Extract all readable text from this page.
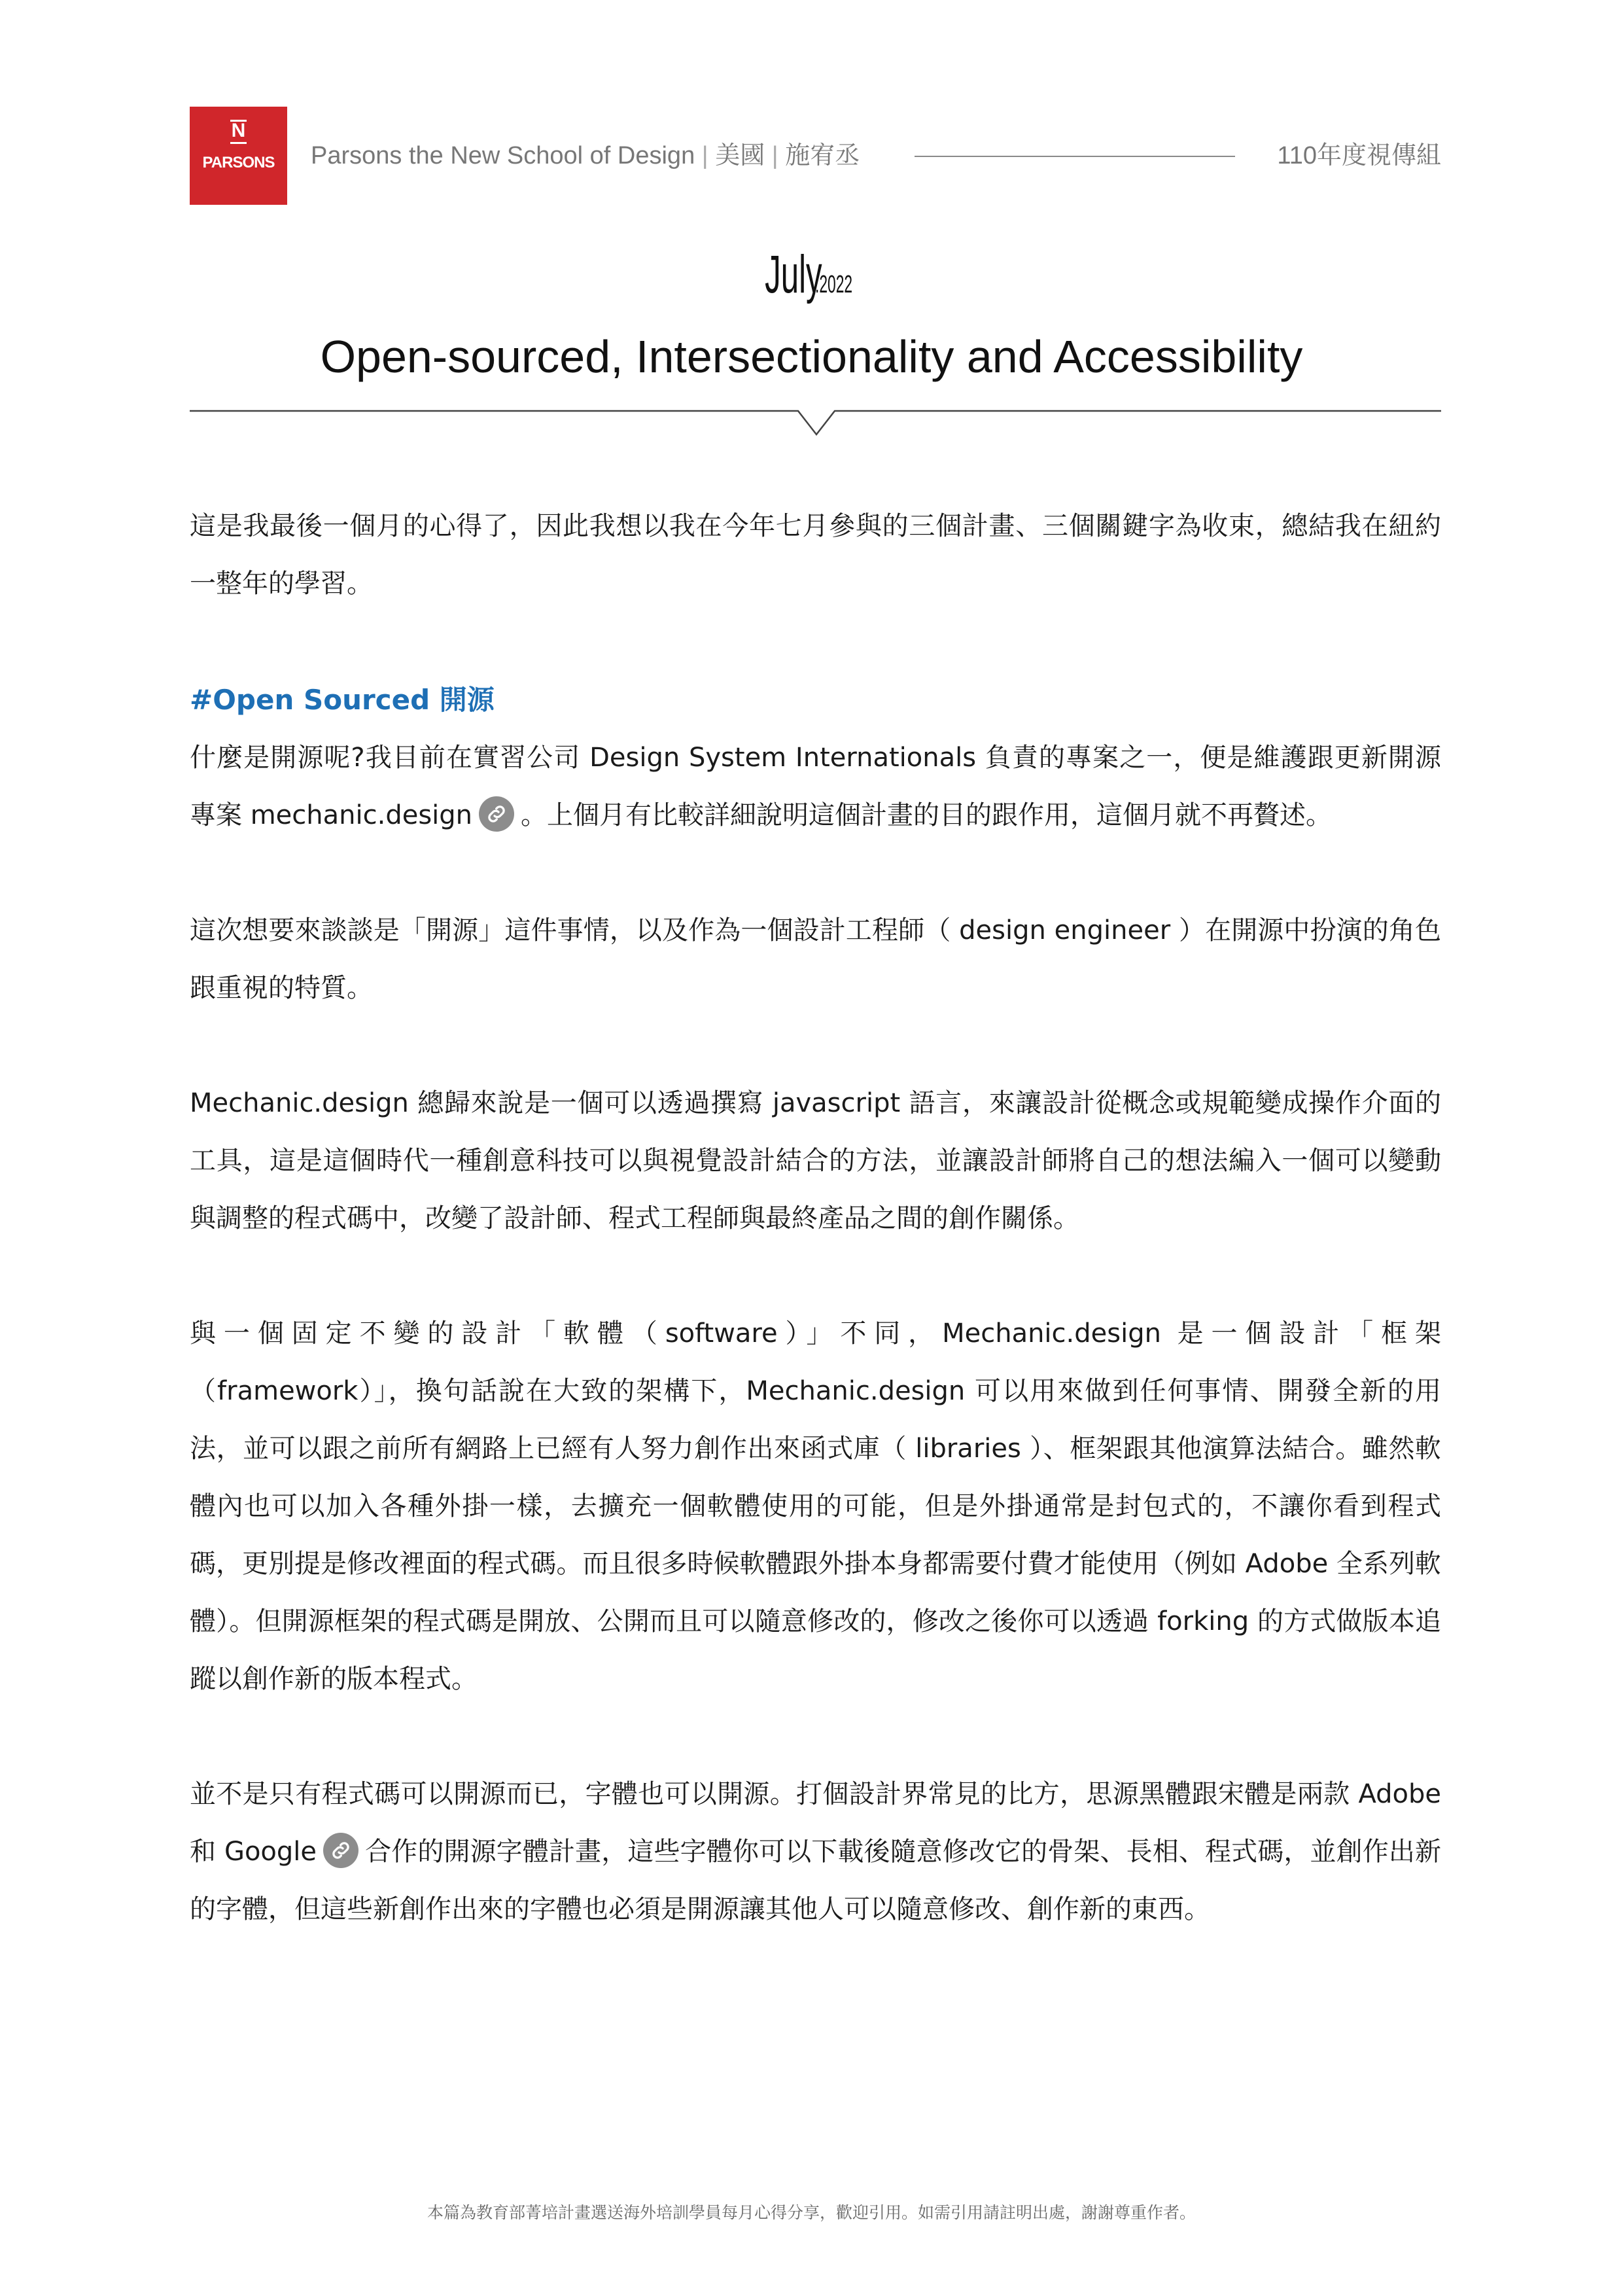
N
PARSONS	Parsons the New School of Design | 美國 | 施宥丞	110年度視傳組
July.2022
Open-sourced, Intersectionality and Accessibility
這是我最後一個月的心得了，因此我想以我在今年七月參與的三個計畫、三個關鍵字為收束，總結我在紐約一整年的學習。
#Open Sourced 開源
什麼是開源呢?我目前在實習公司 Design System Internationals 負責的專案之一，便是維護跟更新開源專案 mechanic.design 。上個月有比較詳細說明這個計畫的目的跟作用，這個月就不再贅述。
這次想要來談談是「開源」這件事情，以及作為一個設計工程師（ design engineer ）在開源中扮演的角色跟重視的特質。
Mechanic.design 總歸來說是一個可以透過撰寫 javascript 語言，來讓設計從概念或規範變成操作介面的工具，這是這個時代一種創意科技可以與視覺設計結合的方法，並讓設計師將自己的想法編入一個可以變動與調整的程式碼中，改變了設計師、程式工程師與最終產品之間的創作關係。
與一個固定不變的設計「軟體（software）」不同，Mechanic.design 是一個設計「框架（framework）」，換句話說在大致的架構下，Mechanic.design 可以用來做到任何事情、開發全新的用法，並可以跟之前所有網路上已經有人努力創作出來函式庫（ libraries ）、框架跟其他演算法結合。雖然軟體內也可以加入各種外掛一樣，去擴充一個軟體使用的可能，但是外掛通常是封包式的，不讓你看到程式碼，更別提是修改裡面的程式碼。而且很多時候軟體跟外掛本身都需要付費才能使用（例如 Adobe 全系列軟體）。但開源框架的程式碼是開放、公開而且可以隨意修改的，修改之後你可以透過 forking 的方式做版本追蹤以創作新的版本程式。
並不是只有程式碼可以開源而已，字體也可以開源。打個設計界常見的比方，思源黑體跟宋體是兩款 Adobe 和 Google 合作的開源字體計畫，這些字體你可以下載後隨意修改它的骨架、長相、程式碼，並創作出新的字體，但這些新創作出來的字體也必須是開源讓其他人可以隨意修改、創作新的東西。
本篇為教育部菁培計畫選送海外培訓學員每月心得分享，歡迎引用。如需引用請註明出處，謝謝尊重作者。
